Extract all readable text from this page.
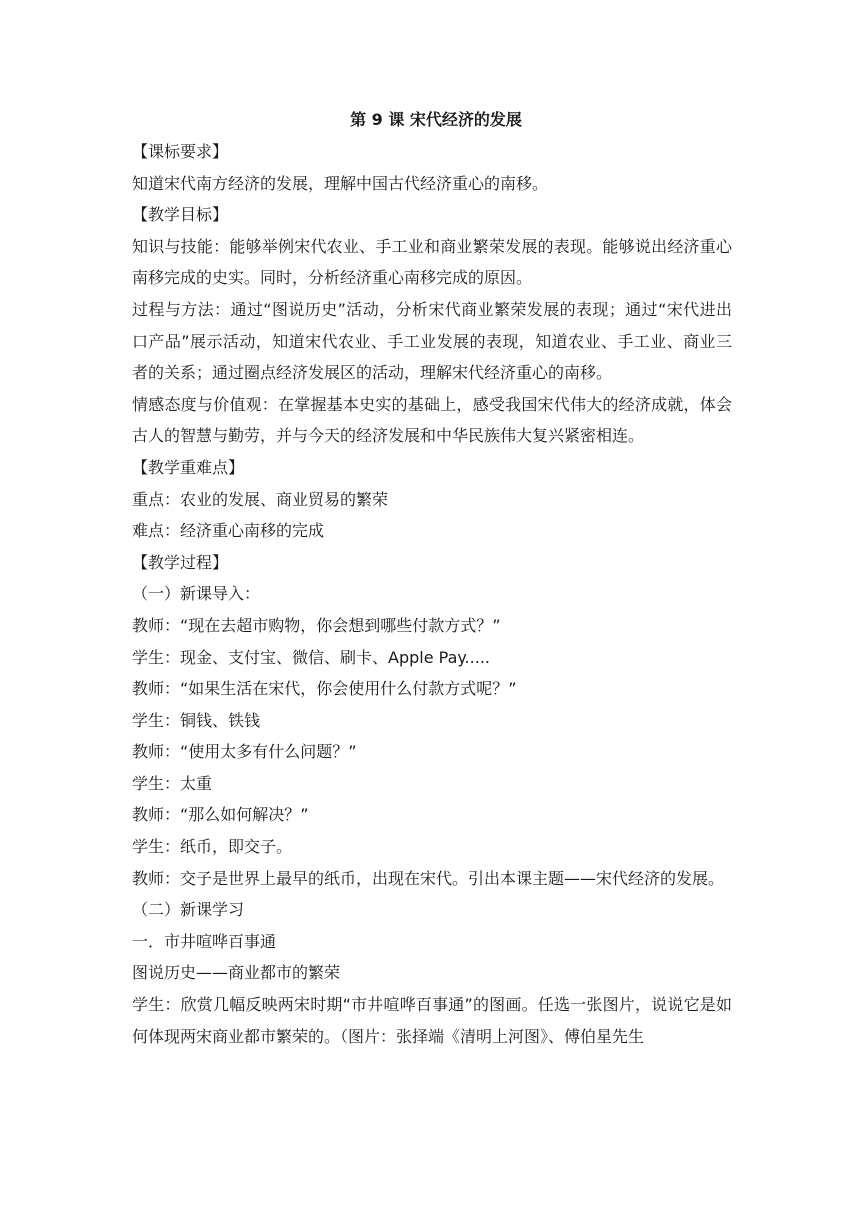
第 9 课 宋代经济的发展

【课标要求】

知道宋代南方经济的发展，理解中国古代经济重心的南移。

【教学目标】

知识与技能：能够举例宋代农业、手工业和商业繁荣发展的表现。能够说出经济重心南移完成的史实。同时，分析经济重心南移完成的原因。

过程与方法：通过“图说历史”活动，分析宋代商业繁荣发展的表现；通过“宋代进出口产品”展示活动，知道宋代农业、手工业发展的表现，知道农业、手工业、商业三者的关系；通过圈点经济发展区的活动，理解宋代经济重心的南移。

情感态度与价值观：在掌握基本史实的基础上，感受我国宋代伟大的经济成就，体会古人的智慧与勤劳，并与今天的经济发展和中华民族伟大复兴紧密相连。

【教学重难点】

重点：农业的发展、商业贸易的繁荣

难点：经济重心南移的完成

【教学过程】

（一）新课导入：

教师：“现在去超市购物，你会想到哪些付款方式？”

学生：现金、支付宝、微信、刷卡、Apple Pay.....

教师：“如果生活在宋代，你会使用什么付款方式呢？”

学生：铜钱、铁钱

教师：“使用太多有什么问题？”

学生：太重

教师：“那么如何解决？”

学生：纸币，即交子。

教师：交子是世界上最早的纸币，出现在宋代。引出本课主题——宋代经济的发展。

（二）新课学习

一．市井喧哗百事通

图说历史——商业都市的繁荣

学生：欣赏几幅反映两宋时期“市井喧哗百事通”的图画。任选一张图片，说说它是如何体现两宋商业都市繁荣的。（图片：张择端《清明上河图》、傅伯星先生
